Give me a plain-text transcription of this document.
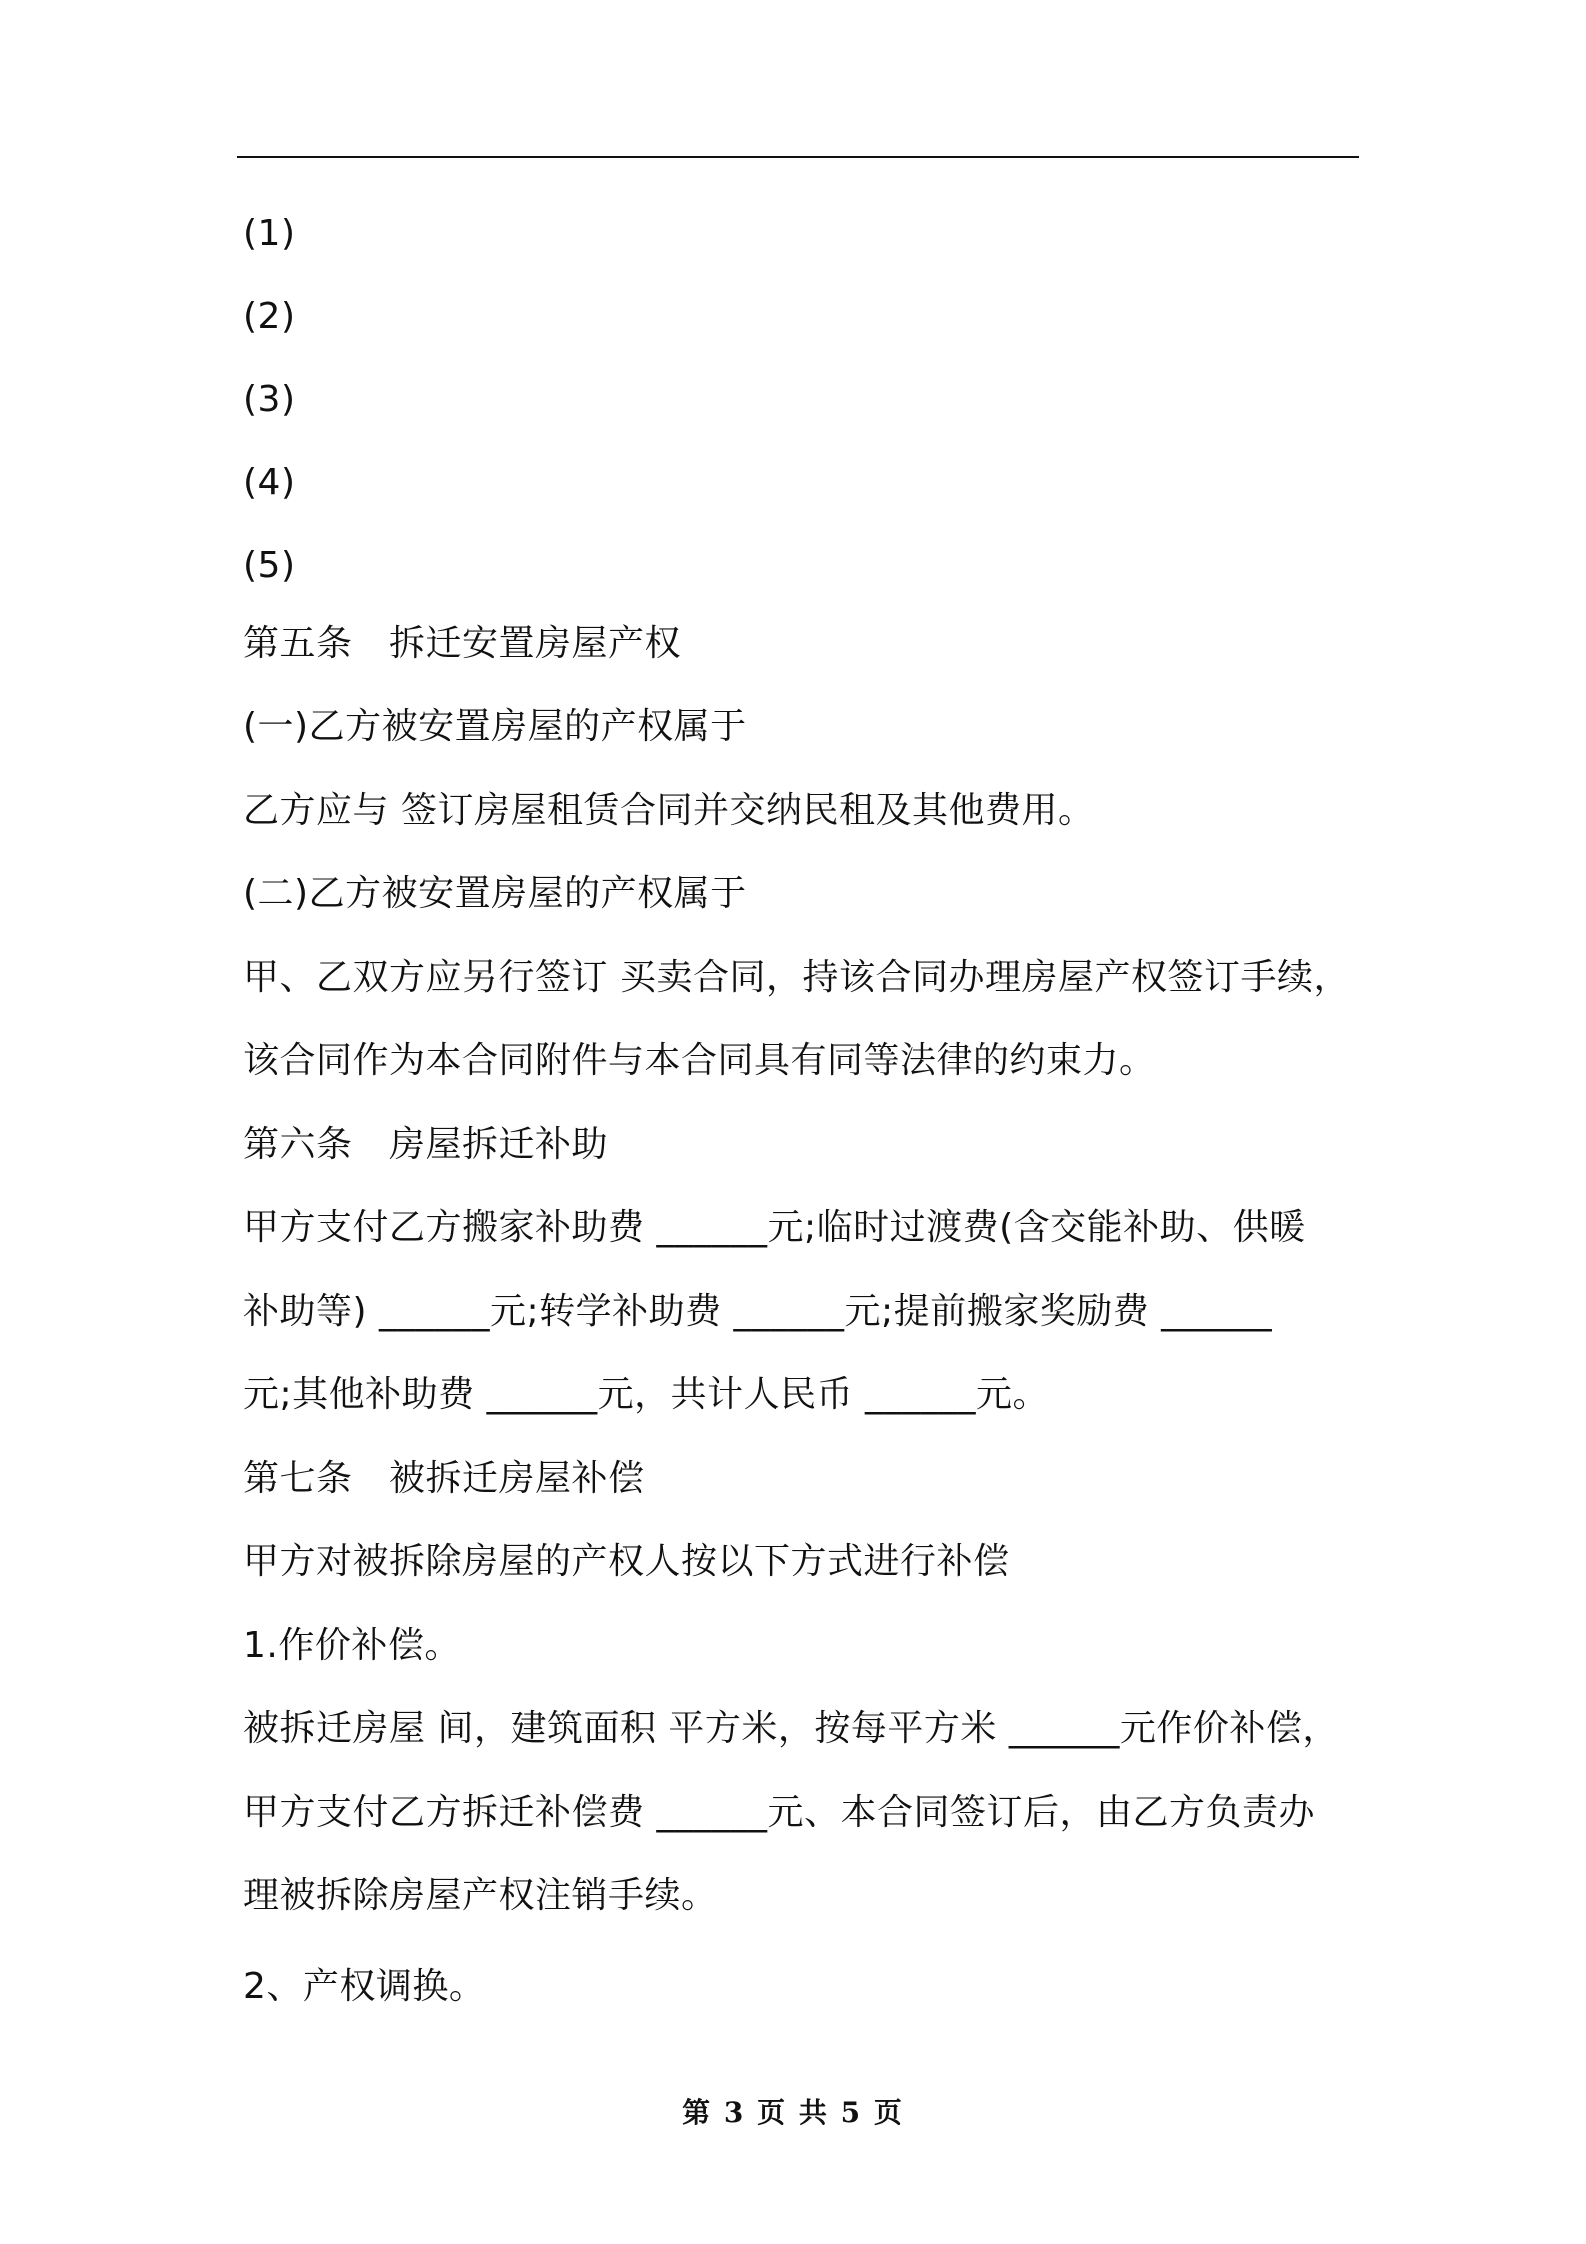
(1)
(2)
(3)
(4)
(5)
第五条　拆迁安置房屋产权
(一)乙方被安置房屋的产权属于
乙方应与 签订房屋租赁合同并交纳民租及其他费用。
(二)乙方被安置房屋的产权属于
甲、乙双方应另行签订 买卖合同，持该合同办理房屋产权签订手续，
该合同作为本合同附件与本合同具有同等法律的约束力。
第六条　房屋拆迁补助
甲方支付乙方搬家补助费 ______元;临时过渡费(含交能补助、供暖
补助等) ______元;转学补助费 ______元;提前搬家奖励费 ______
元;其他补助费 ______元，共计人民币 ______元。
第七条　被拆迁房屋补偿
甲方对被拆除房屋的产权人按以下方式进行补偿
1.作价补偿。
被拆迁房屋 间，建筑面积 平方米，按每平方米 ______元作价补偿，
甲方支付乙方拆迁补偿费 ______元、本合同签订后，由乙方负责办
理被拆除房屋产权注销手续。
2、产权调换。
第 3 页 共 5 页
